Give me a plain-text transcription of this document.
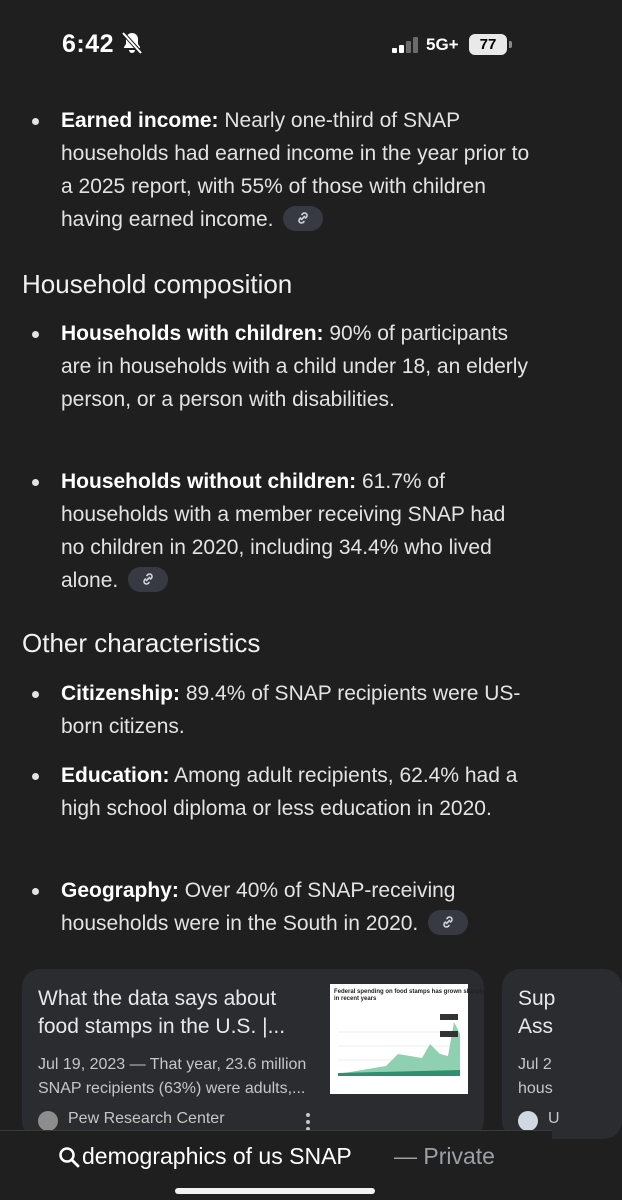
6:42	5G+	77
Earned income: Nearly one-third of SNAP households had earned income in the year prior to a 2025 report, with 55% of those with children having earned income.
Household composition
Households with children: 90% of participants are in households with a child under 18, an elderly person, or a person with disabilities.
Households without children: 61.7% of households with a member receiving SNAP had no children in 2020, including 34.4% who lived alone.
Other characteristics
Citizenship: 89.4% of SNAP recipients were US-born citizens.
Education: Among adult recipients, 62.4% had a high school diploma or less education in 2020.
Geography: Over 40% of SNAP-receiving households were in the South in 2020.
What the data says about food stamps in the U.S. |...
Jul 19, 2023 — That year, 23.6 million SNAP recipients (63%) were adults,...
Federal spending on food stamps has grown sharply
in recent years
Pew Research Center
Sup
Ass
Jul 2
hous
U
demographics of us SNAP — Private
